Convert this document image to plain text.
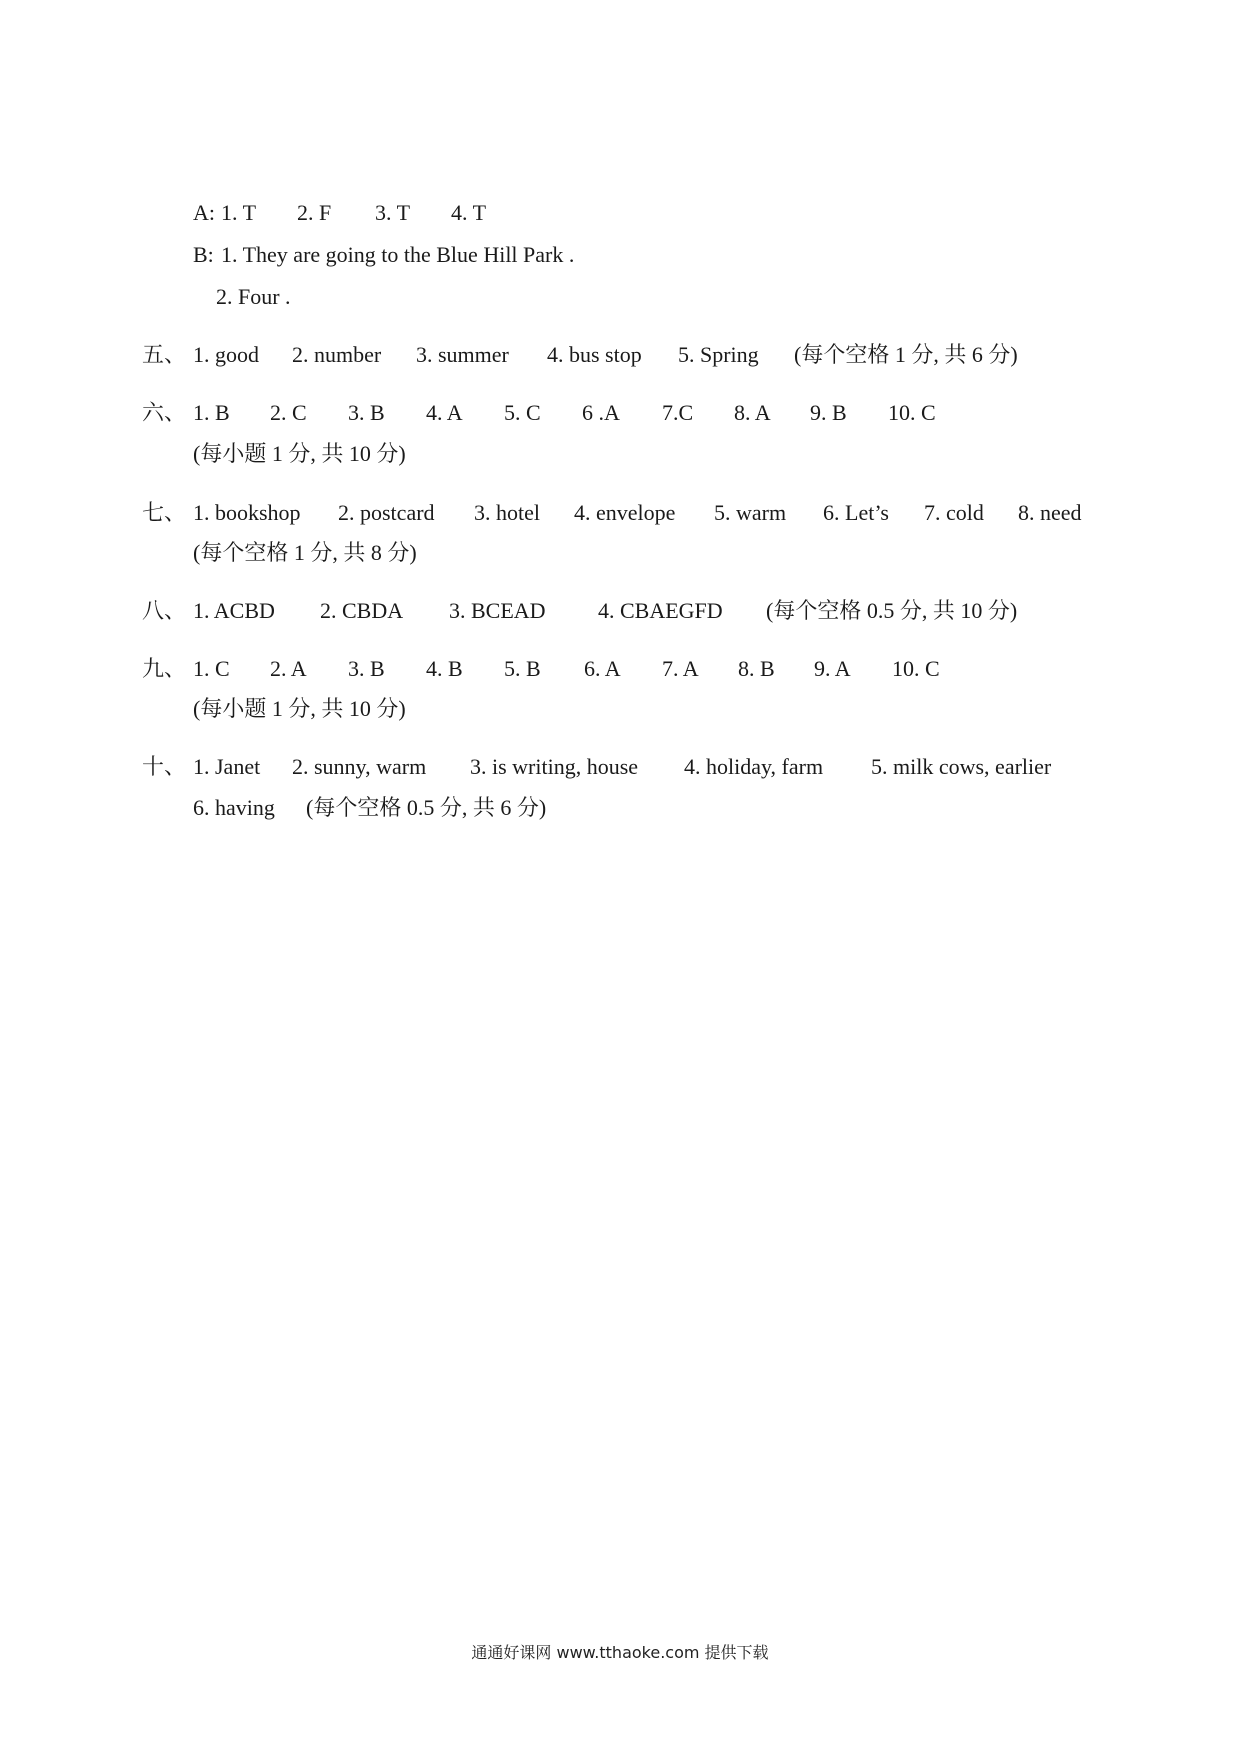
A: 1. T 2. F 3. T 4. T
B: 1. They are going to the Blue Hill Park .
2. Four .
五、 1. good 2. number 3. summer 4. bus stop 5. Spring (每个空格 1 分, 共 6 分)
六、 1. B 2. C 3. B 4. A 5. C 6 .A 7.C 8. A 9. B 10. C
(每小题 1 分, 共 10 分)
七、 1. bookshop 2. postcard 3. hotel 4. envelope 5. warm 6. Let’s 7. cold 8. need
(每个空格 1 分, 共 8 分)
八、 1. ACBD 2. CBDA 3. BCEAD 4. CBAEGFD (每个空格 0.5 分, 共 10 分)
九、 1. C 2. A 3. B 4. B 5. B 6. A 7. A 8. B 9. A 10. C
(每小题 1 分, 共 10 分)
十、 1. Janet 2. sunny, warm 3. is writing, house 4. holiday, farm 5. milk cows, earlier
6. having (每个空格 0.5 分, 共 6 分)
通通好课网 www.tthaoke.com 提供下载
